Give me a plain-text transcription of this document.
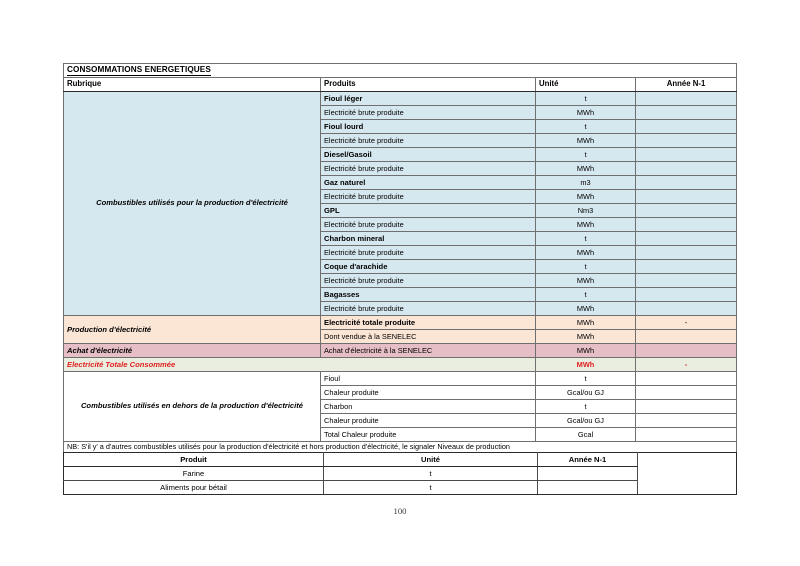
CONSOMMATIONS ENERGETIQUES			
Rubrique	Produits	Unité	Année N-1
Combustibles utilisés pour la production d'électricité	Fioul léger	t	
	Electricité brute produite	MWh	
	Fioul lourd	t	
	Electricité brute produite	MWh	
	Diesel/Gasoil	t	
	Electricité brute produite	MWh	
	Gaz naturel	m3	
	Electricité brute produite	MWh	
	GPL	Nm3	
	Electricité brute produite	MWh	
	Charbon mineral	t	
	Electricité brute produite	MWh	
	Coque d'arachide	t	
	Electricité brute produite	MWh	
	Bagasses	t	
	Electricité brute produite	MWh	
Production d'électricité	Electricité totale produite	MWh	-
	Dont vendue à la SENELEC	MWh	
Achat d'électricité	Achat d'électricité à la SENELEC	MWh	
Electricité Totale Consommée		MWh	-
Combustibles utilisés en dehors de la production d'électricité	Fioul	t	
	Chaleur produite	Gcal/ou GJ	
	Charbon	t	
	Chaleur produite	Gcal/ou GJ	
	Total Chaleur produite	Gcal	

NB: S'il y' a d'autres combustibles utilisés pour la production d'électricité et hors production d'électricité, le signaler Niveaux de production			
Produit	Unité	Année N-1	
Farine	t		
Aliments pour bétail	t		
100
